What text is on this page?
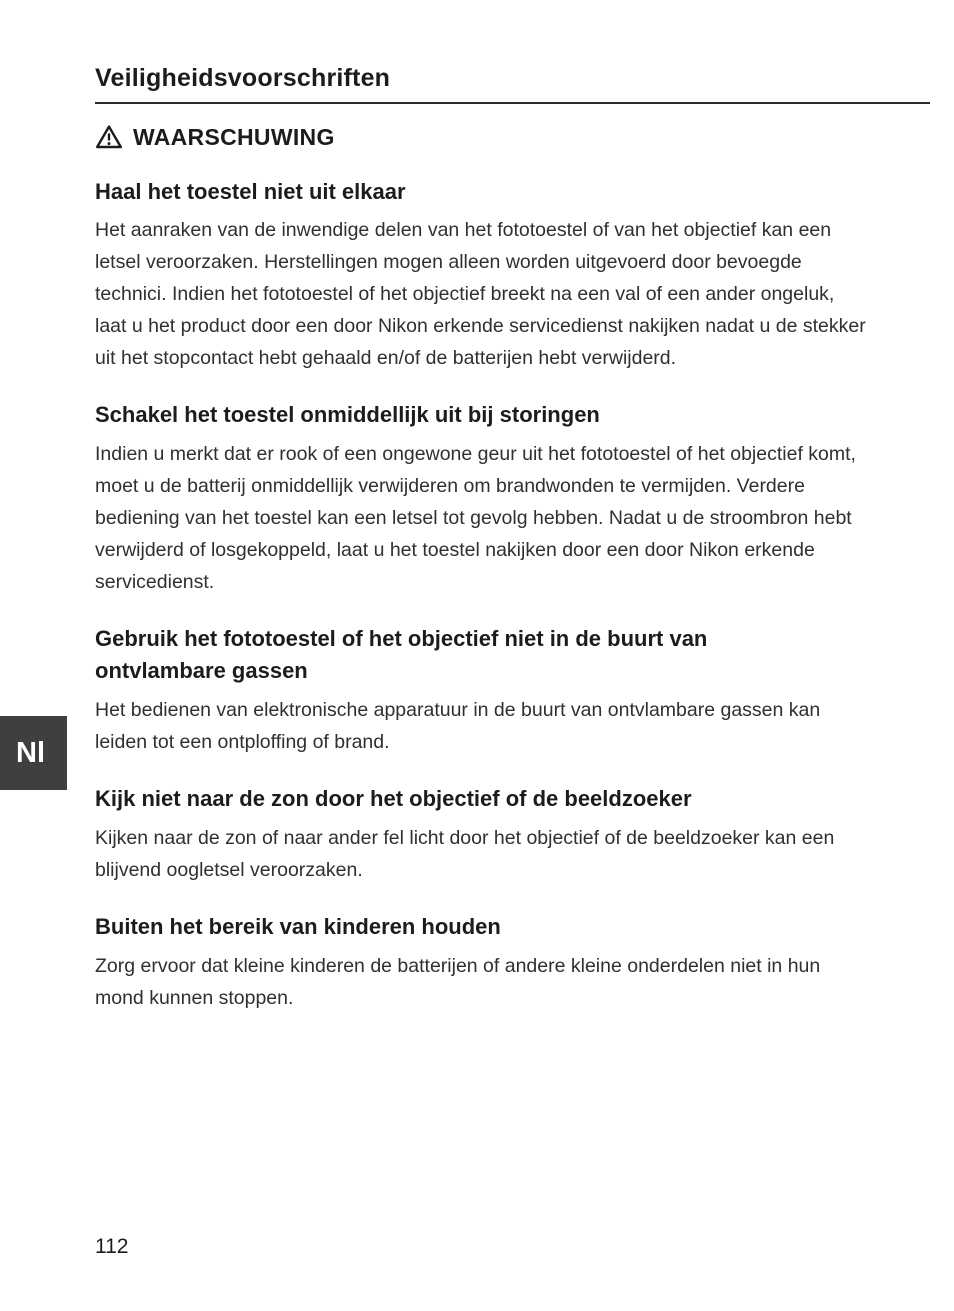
Veiligheidsvoorschriften
WAARSCHUWING
Haal het toestel niet uit elkaar

Het aanraken van de inwendige delen van het fototoestel of van het objectief kan een letsel veroorzaken. Herstellingen mogen alleen worden uitgevoerd door bevoegde technici. Indien het fototoestel of het objectief breekt na een val of een ander ongeluk, laat u het product door een door Nikon erkende servicedienst nakijken nadat u de stekker uit het stopcontact hebt gehaald en/of de batterijen hebt verwijderd.

Schakel het toestel onmiddellijk uit bij storingen

Indien u merkt dat er rook of een ongewone geur uit het fototoestel of het objectief komt, moet u de batterij onmiddellijk verwijderen om brandwonden te vermijden. Verdere bediening van het toestel kan een letsel tot gevolg hebben. Nadat u de stroombron hebt verwijderd of losgekoppeld, laat u het toestel nakijken door een door Nikon erkende servicedienst.

Gebruik het fototoestel of het objectief niet in de buurt van ontvlambare gassen

Het bedienen van elektronische apparatuur in de buurt van ontvlambare gassen kan leiden tot een ontploffing of brand.

Kijk niet naar de zon door het objectief of de beeldzoeker

Kijken naar de zon of naar ander fel licht door het objectief of de beeldzoeker kan een blijvend oogletsel veroorzaken.

Buiten het bereik van kinderen houden

Zorg ervoor dat kleine kinderen de batterijen of andere kleine onderdelen niet in hun mond kunnen stoppen.

Nl
112
